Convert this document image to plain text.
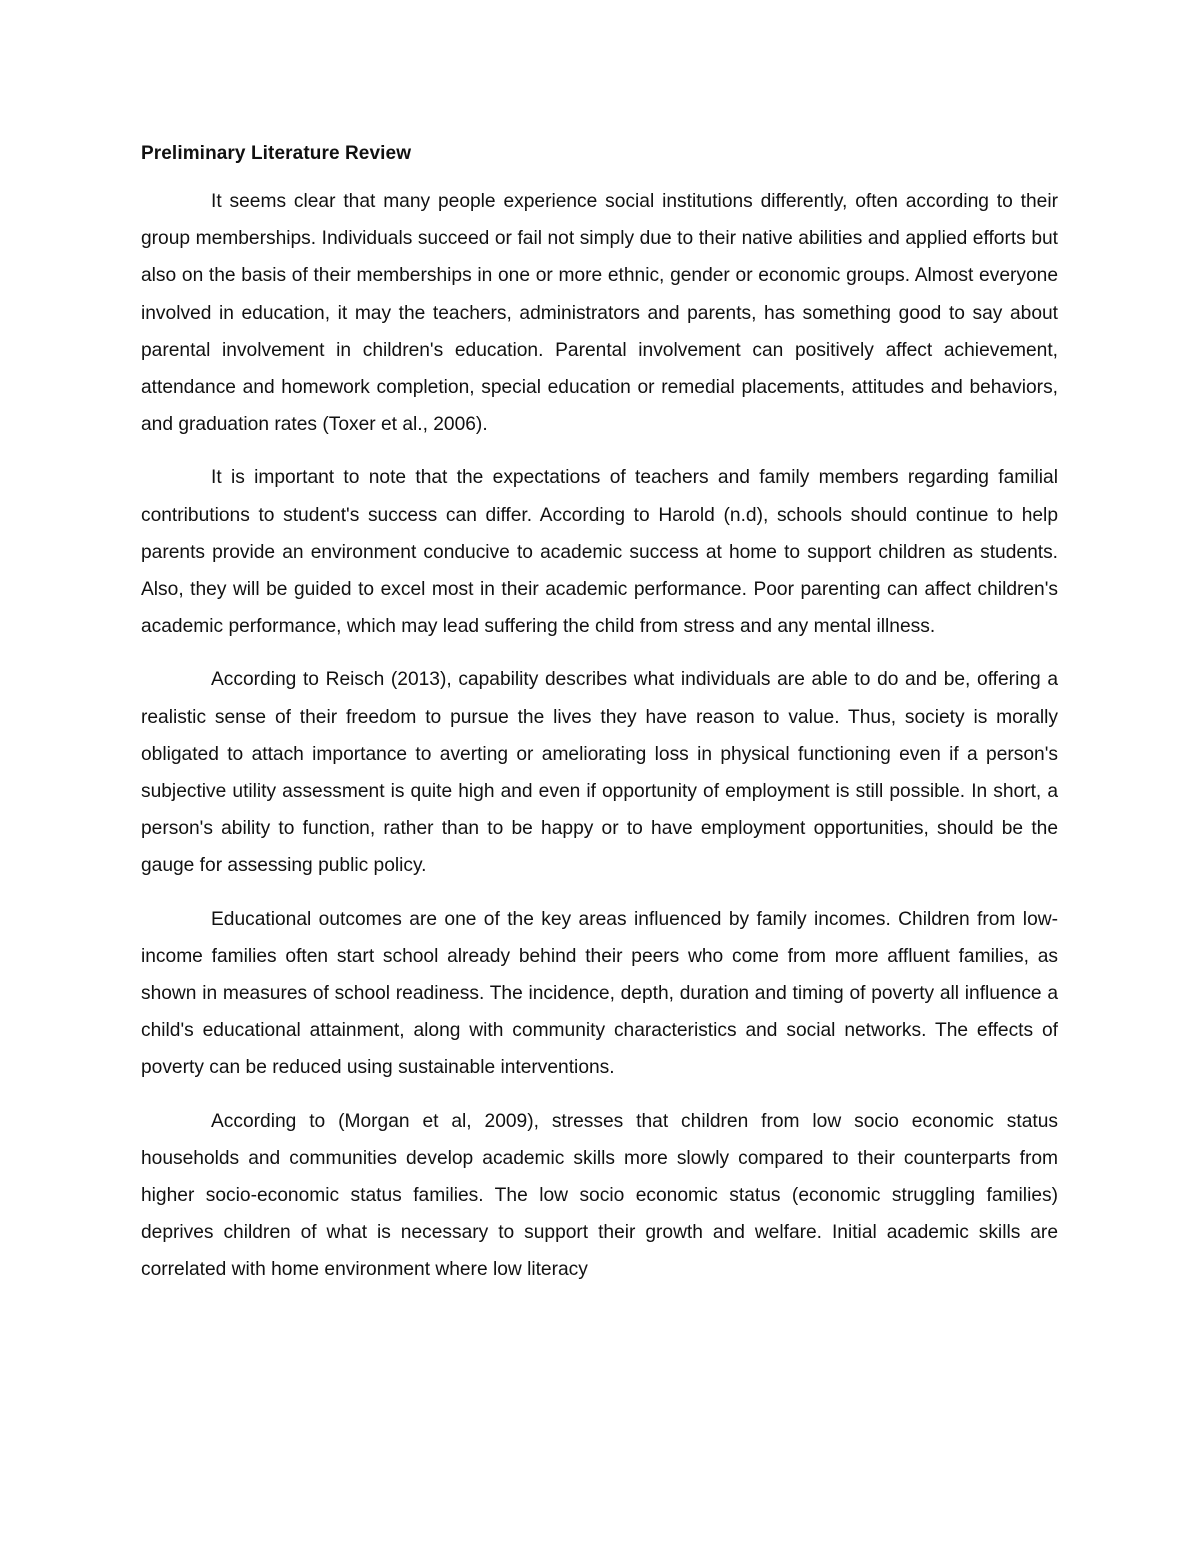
Preliminary Literature Review

It seems clear that many people experience social institutions differently, often according to their group memberships. Individuals succeed or fail not simply due to their native abilities and applied efforts but also on the basis of their memberships in one or more ethnic, gender or economic groups. Almost everyone involved in education, it may the teachers, administrators and parents, has something good to say about parental involvement in children's education. Parental involvement can positively affect achievement, attendance and homework completion, special education or remedial placements, attitudes and behaviors, and graduation rates (Toxer et al., 2006).

It is important to note that the expectations of teachers and family members regarding familial contributions to student's success can differ. According to Harold (n.d), schools should continue to help parents provide an environment conducive to academic success at home to support children as students. Also, they will be guided to excel most in their academic performance. Poor parenting can affect children's academic performance, which may lead suffering the child from stress and any mental illness.

According to Reisch (2013), capability describes what individuals are able to do and be, offering a realistic sense of their freedom to pursue the lives they have reason to value. Thus, society is morally obligated to attach importance to averting or ameliorating loss in physical functioning even if a person's subjective utility assessment is quite high and even if opportunity of employment is still possible. In short, a person's ability to function, rather than to be happy or to have employment opportunities, should be the gauge for assessing public policy.

Educational outcomes are one of the key areas influenced by family incomes. Children from low-income families often start school already behind their peers who come from more affluent families, as shown in measures of school readiness. The incidence, depth, duration and timing of poverty all influence a child's educational attainment, along with community characteristics and social networks. The effects of poverty can be reduced using sustainable interventions.

According to (Morgan et al, 2009), stresses that children from low socio economic status households and communities develop academic skills more slowly compared to their counterparts from higher socio-economic status families. The low socio economic status (economic struggling families) deprives children of what is necessary to support their growth and welfare. Initial academic skills are correlated with home environment where low literacy
